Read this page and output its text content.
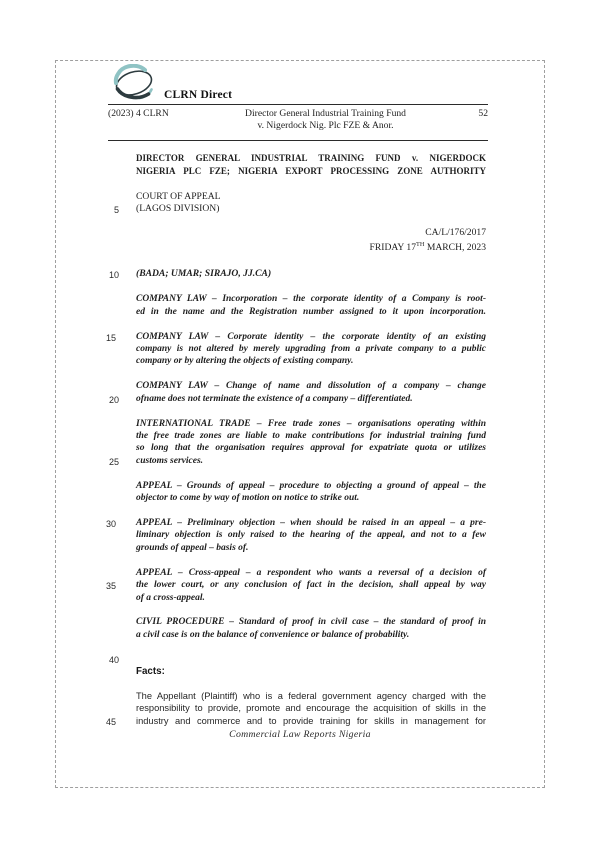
CLRN Direct
(2023) 4 CLRN	Director General Industrial Training Fund
v. Nigerdock Nig. Plc FZE & Anor.
52
DIRECTOR GENERAL INDUSTRIAL TRAINING FUND v. NIGERDOCK
NIGERIA PLC FZE; NIGERIA EXPORT PROCESSING ZONE AUTHORITY
COURT OF APPEAL
5 (LAGOS DIVISION)
CA/L/176/2017
FRIDAY 17TH MARCH, 2023
10 (BADA; UMAR; SIRAJO, JJ.CA)
COMPANY LAW – Incorporation – the corporate identity of a Company is root-
ed in the name and the Registration number assigned to it upon incorporation.
15	COMPANY LAW – Corporate identity – the corporate identity of an existing
company is not altered by merely upgrading from a private company to a public
company or by altering the objects of existing company.
COMPANY LAW – Change of name and dissolution of a company – change
20 ofname does not terminate the existence of a company – differentiated.
INTERNATIONAL TRADE – Free trade zones – organisations operating within
the free trade zones are liable to make contributions for industrial training fund
so long that the organisation requires approval for expatriate quota or utilizes
25 customs services.
APPEAL – Grounds of appeal – procedure to objecting a ground of appeal – the
objector to come by way of motion on notice to strike out.
30	APPEAL – Preliminary objection – when should be raised in an appeal – a pre-
liminary objection is only raised to the hearing of the appeal, and not to a few
grounds of appeal – basis of.
APPEAL – Cross-appeal – a respondent who wants a reversal of a decision of
35	the lower court, or any conclusion of fact in the decision, shall appeal by way
of a cross-appeal.
CIVIL PROCEDURE – Standard of proof in civil case – the standard of proof in
a civil case is on the balance of convenience or balance of probability.
40
Facts:
The Appellant (Plaintiff) who is a federal government agency charged with the
responsibility to provide, promote and encourage the acquisition of skills in the
45	industry and commerce and to provide training for skills in management for
Commercial Law Reports Nigeria
